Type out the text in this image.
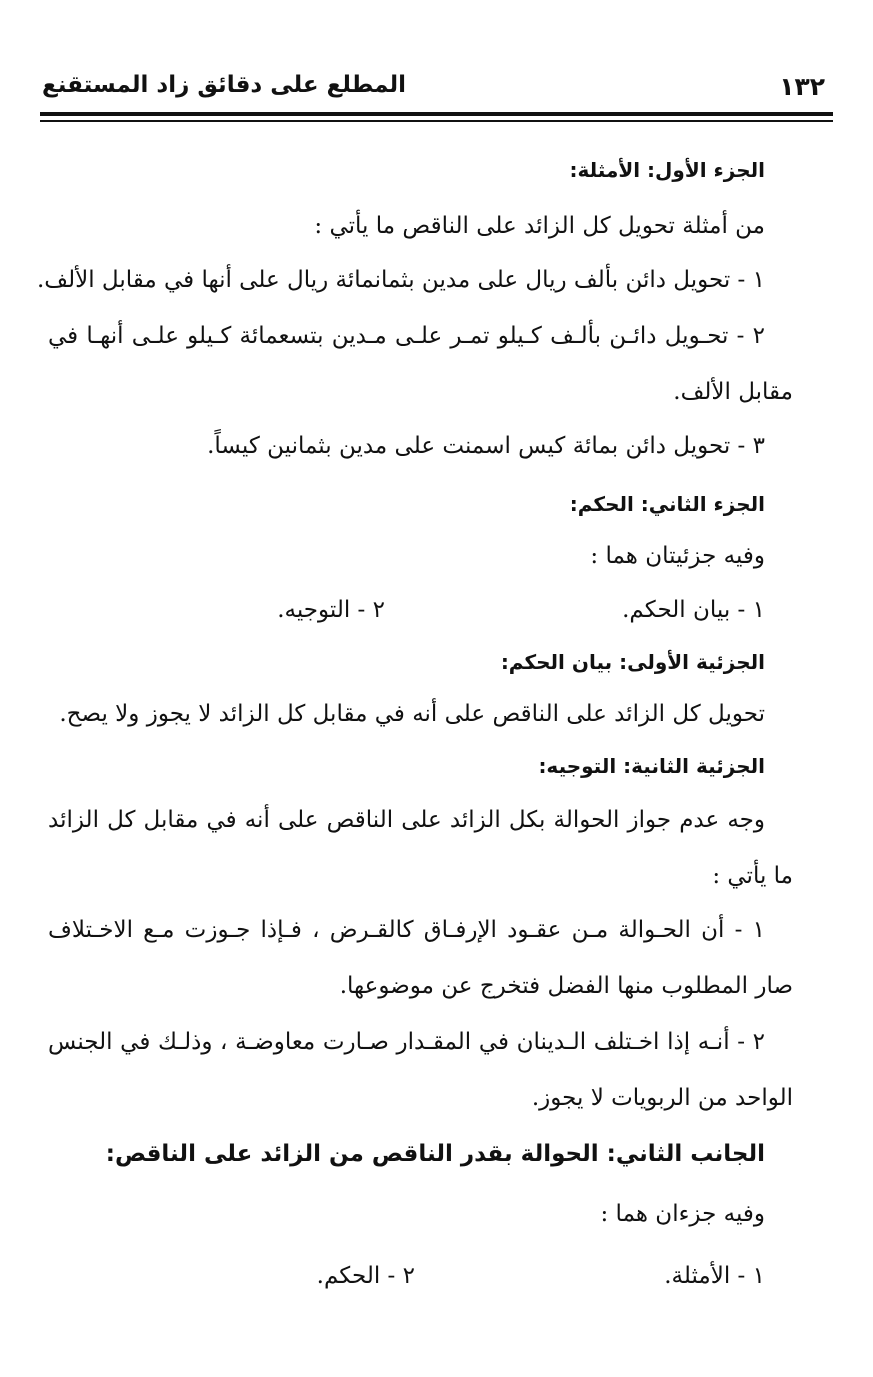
المطلع على دقائق زاد المستقنع	١٣٢
الجزء الأول: الأمثلة:
من أمثلة تحويل كل الزائد على الناقص ما يأتي :
١ - تحويل دائن بألف ريال على مدين بثمانمائة ريال على أنها في مقابل الألف.
٢ - تحـويل دائـن بألـف كـيلو تمـر علـى مـدين بتسعمائة كـيلو علـى أنهـا في
مقابل الألف.
٣ - تحويل دائن بمائة كيس اسمنت على مدين بثمانين كيساً.
الجزء الثاني: الحكم:
وفيه جزئيتان هما :
١ - بيان الحكم.
٢ - التوجيه.
الجزئية الأولى: بيان الحكم:
تحويل كل الزائد على الناقص على أنه في مقابل كل الزائد لا يجوز ولا يصح.
الجزئية الثانية: التوجيه:
وجه عدم جواز الحوالة بكل الزائد على الناقص على أنه في مقابل كل الزائد
ما يأتي :
١ - أن الحـوالة مـن عقـود الإرفـاق كالقـرض ، فـإذا جـوزت مـع الاخـتلاف
صار المطلوب منها الفضل فتخرج عن موضوعها.
٢ - أنـه إذا اخـتلف الـدينان في المقـدار صـارت معاوضـة ، وذلـك في الجنس
الواحد من الربويات لا يجوز.
الجانب الثاني: الحوالة بقدر الناقص من الزائد على الناقص:
وفيه جزءان هما :
١ - الأمثلة.
٢ - الحكم.
